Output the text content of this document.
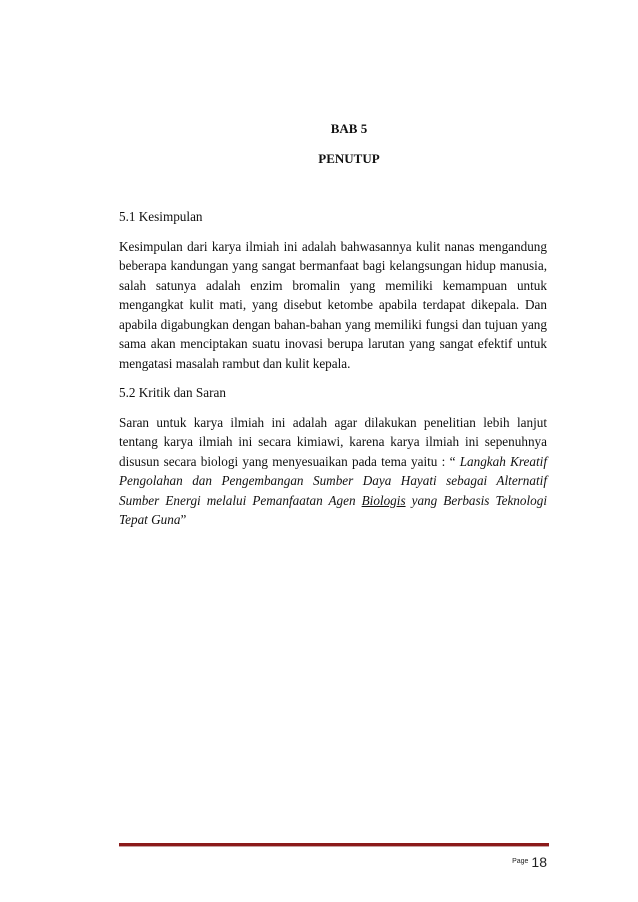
BAB 5
PENUTUP

5.1 Kesimpulan

Kesimpulan dari karya ilmiah ini adalah bahwasannya kulit nanas mengandung beberapa kandungan yang sangat bermanfaat bagi kelangsungan hidup manusia, salah satunya adalah enzim bromalin yang memiliki kemampuan untuk mengangkat kulit mati, yang disebut ketombe apabila terdapat dikepala. Dan apabila digabungkan dengan bahan-bahan yang memiliki fungsi dan tujuan yang sama akan menciptakan suatu inovasi berupa larutan yang sangat efektif untuk mengatasi masalah rambut dan kulit kepala.

5.2 Kritik dan Saran

Saran untuk karya ilmiah ini adalah agar dilakukan penelitian lebih lanjut tentang karya ilmiah ini secara kimiawi, karena karya ilmiah ini sepenuhnya disusun secara biologi yang menyesuaikan pada tema yaitu : “ Langkah Kreatif Pengolahan dan Pengembangan Sumber Daya Hayati sebagai Alternatif Sumber Energi melalui Pemanfaatan Agen Biologis yang Berbasis Teknologi Tepat Guna”

Page 18
